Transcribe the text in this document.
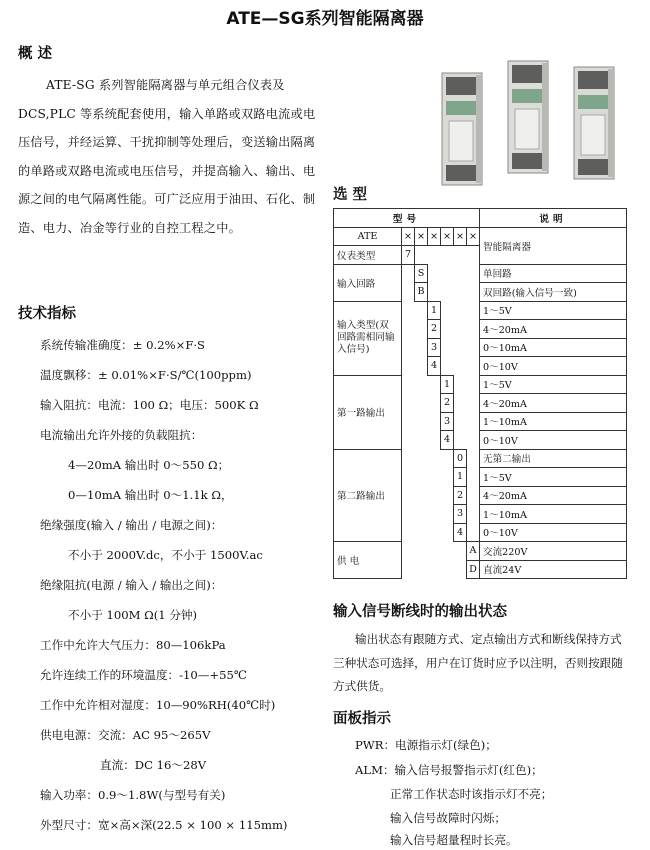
ATE—SG系列智能隔离器
概 述
ATE-SG 系列智能隔离器与单元组合仪表及DCS,PLC 等系统配套使用，输入单路或双路电流或电压信号，并经运算、干扰抑制等处理后，变送输出隔离的单路或双路电流或电压信号，并提高输入、输出、电源之间的电气隔离性能。可广泛应用于油田、石化、制造、电力、冶金等行业的自控工程之中。
技术指标
系统传输准确度：± 0.2%×F·S
温度飘移：± 0.01%×F·S/℃(100ppm)
输入阻抗：电流：100 Ω；电压：500K Ω
电流输出允许外接的负载阻抗：
4—20mA 输出时 0～550 Ω；
0—10mA 输出时 0～1.1k Ω，
绝缘强度(输入 / 输出 / 电源之间)：
不小于 2000V.dc，不小于 1500V.ac
绝缘阻抗(电源 / 输入 / 输出之间)：
不小于 100M Ω(1 分钟)
工作中允许大气压力：80—106kPa
允许连续工作的环境温度：-10—+55℃
工作中允许相对湿度：10—90%RH(40℃时)
供电电源：交流：AC 95～265V
直流：DC 16～28V
输入功率：0.9～1.8W(与型号有关)
外型尺寸：宽×高×深(22.5 × 100 × 115mm)
选 型
型号							说明
ATE	×	×	×	×	×	×	智能隔离器
仪表类型	7						
输入回路		S					单回路
		B					双回路(输入信号一致)
输入类型(双回路需相同输入信号)			1				1～5V
			2				4～20mA
			3				0～10mA
			4				0～10V
第一路输出				1			1～5V
				2			4～20mA
				3			1～10mA
				4			0～10V
第二路输出					0		无第二输出
					1		1～5V
					2		4～20mA
					3		1～10mA
					4		0～10V
供 电						A	交流220V
						D	直流24V
输入信号断线时的输出状态
输出状态有跟随方式、定点输出方式和断线保持方式三种状态可选择，用户在订货时应予以注明，否则按跟随方式供货。
面板指示
PWR：电源指示灯(绿色)；
ALM：输入信号报警指示灯(红色)；
正常工作状态时该指示灯不亮；
输入信号故障时闪烁；
输入信号超量程时长亮。
